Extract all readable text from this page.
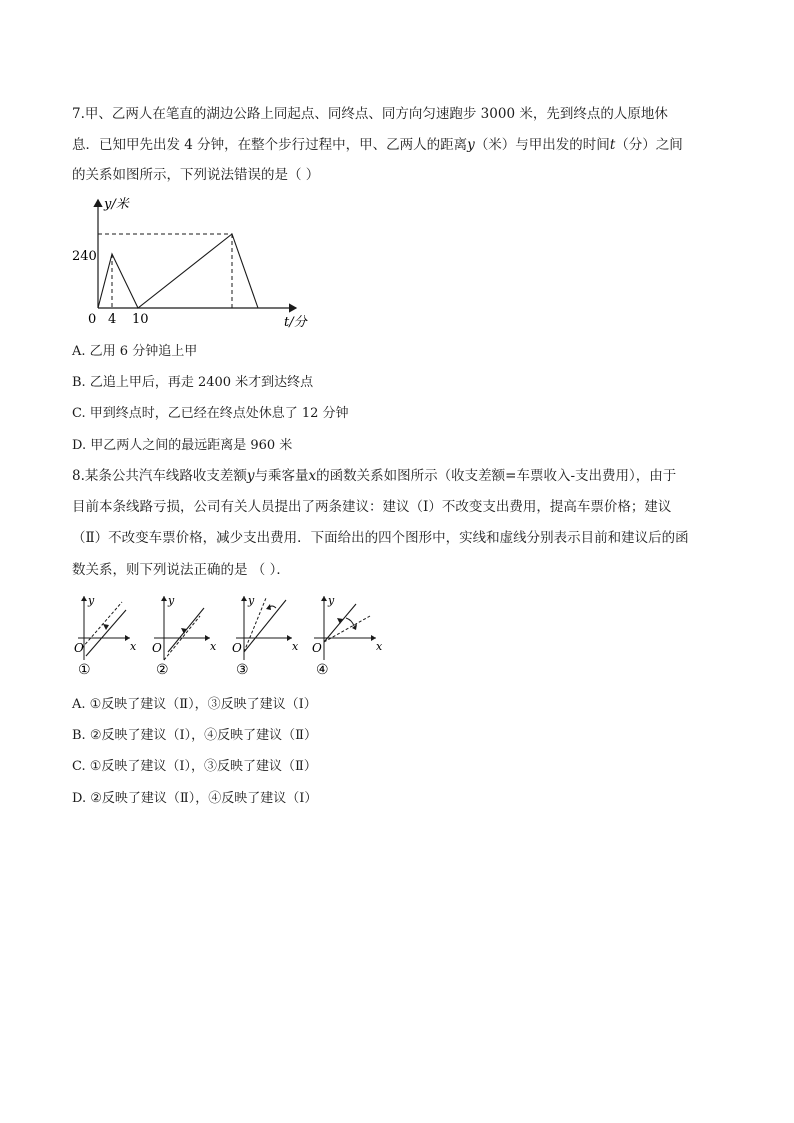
7.甲、乙两人在笔直的湖边公路上同起点、同终点、同方向匀速跑步 3000 米，先到终点的人原地休
息．已知甲先出发 4 分钟，在整个步行过程中，甲、乙两人的距离y（米）与甲出发的时间t（分）之间
的关系如图所示，下列说法错误的是（ ）
y/米
240
0 4 10	t/分
A. 乙用 6 分钟追上甲
B. 乙追上甲后，再走 2400 米才到达终点
C. 甲到终点时，乙已经在终点处休息了 12 分钟
D. 甲乙两人之间的最远距离是 960 米
8.某条公共汽车线路收支差额y与乘客量x的函数关系如图所示（收支差额=车票收入-支出费用），由于
目前本条线路亏损，公司有关人员提出了两条建议：建议（Ⅰ）不改变支出费用，提高车票价格；建议
（Ⅱ）不改变车票价格，减少支出费用．下面给出的四个图形中，实线和虚线分别表示目前和建议后的函
数关系，则下列说法正确的是 （ ）．
y
x
O
①
y
x
O
②
y
x
O
③
y
x
O
④
A. ①反映了建议（Ⅱ），③反映了建议（Ⅰ）
B. ②反映了建议（Ⅰ），④反映了建议（Ⅱ）
C. ①反映了建议（Ⅰ），③反映了建议（Ⅱ）
D. ②反映了建议（Ⅱ），④反映了建议（Ⅰ）
